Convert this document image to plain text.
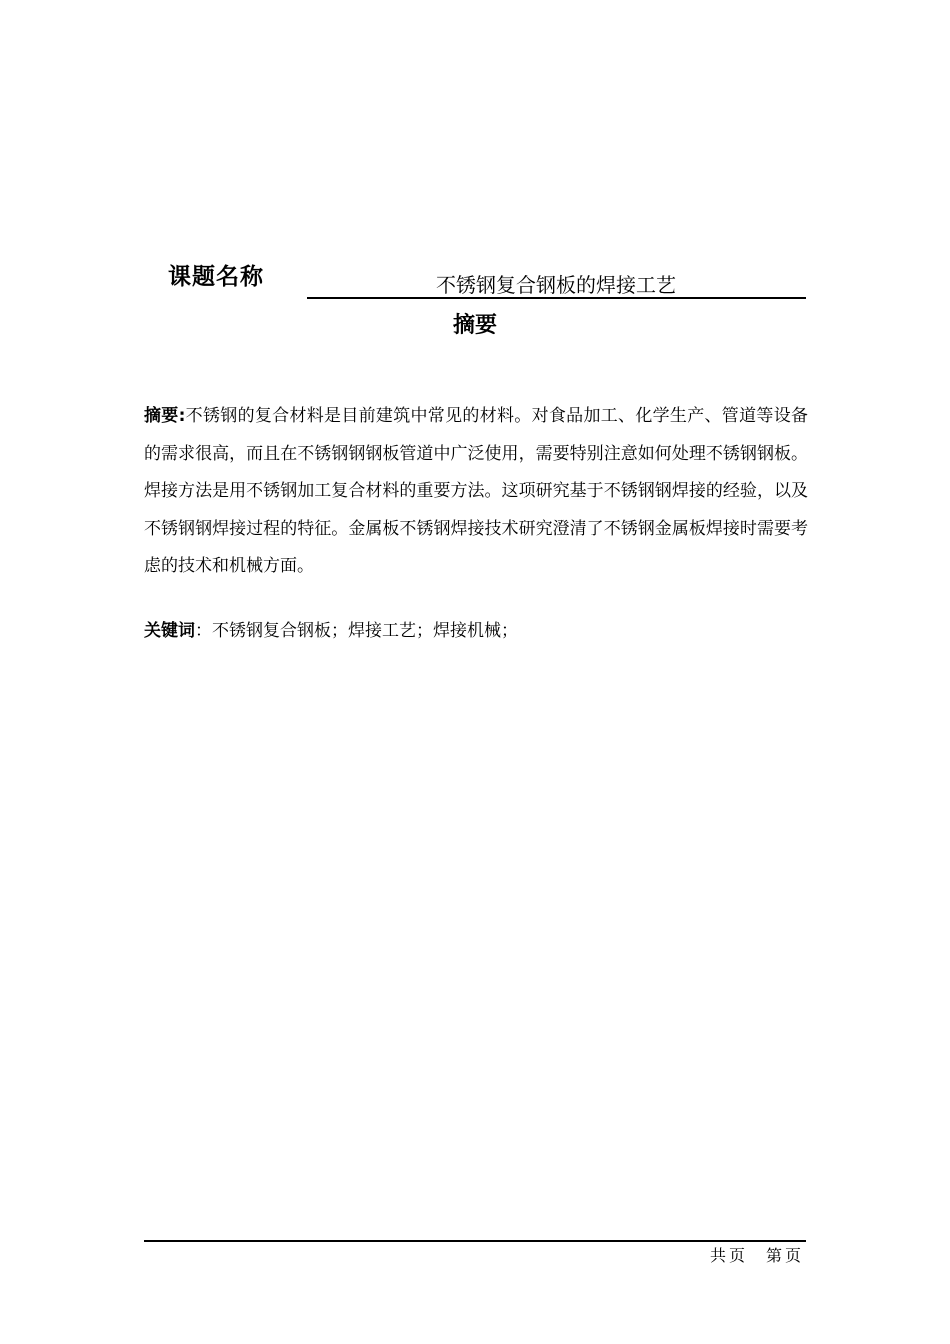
课题名称	不锈钢复合钢板的焊接工艺
摘要
摘要:不锈钢的复合材料是目前建筑中常见的材料。对食品加工、化学生产、管道等设备的需求很高，而且在不锈钢钢钢板管道中广泛使用，需要特别注意如何处理不锈钢钢板。焊接方法是用不锈钢加工复合材料的重要方法。这项研究基于不锈钢钢焊接的经验，以及不锈钢钢焊接过程的特征。金属板不锈钢焊接技术研究澄清了不锈钢金属板焊接时需要考虑的技术和机械方面。
关键词：不锈钢复合钢板；焊接工艺；焊接机械；
共页 第页
